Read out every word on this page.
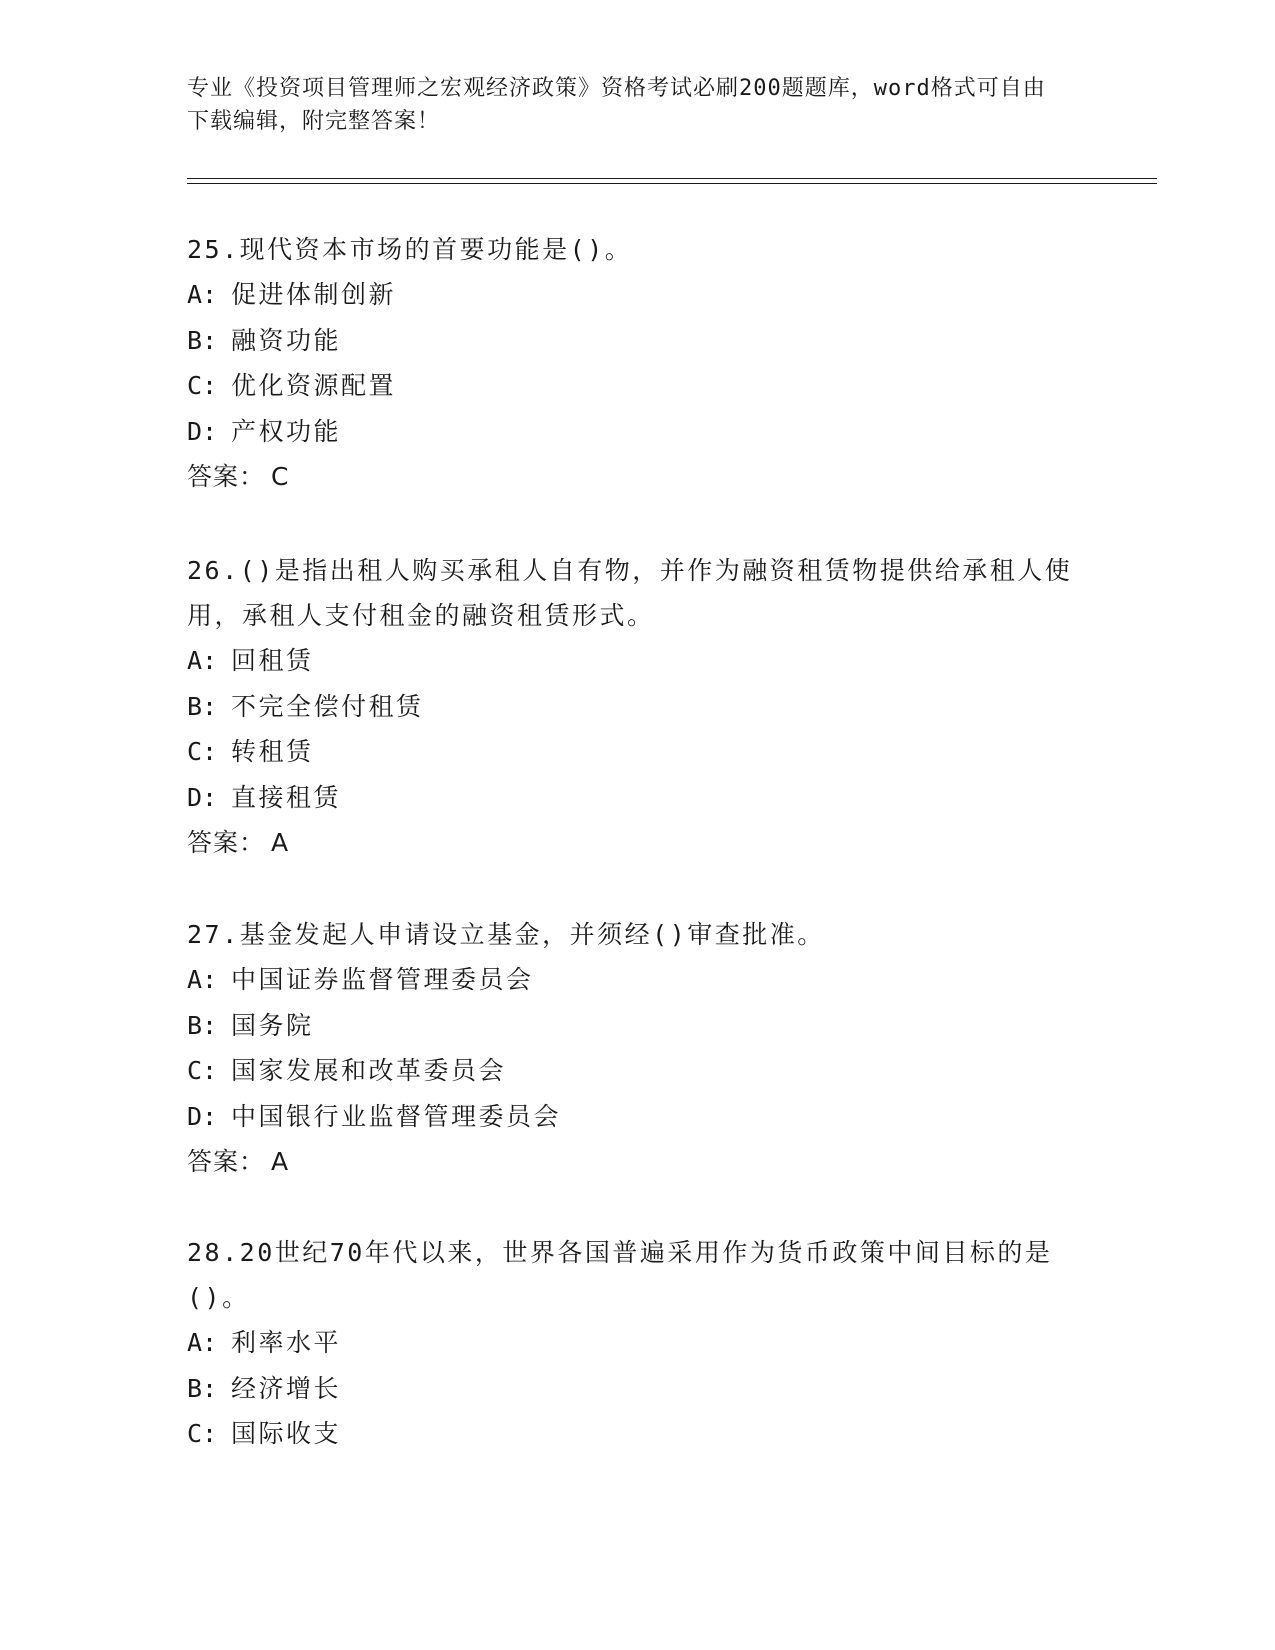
专业《投资项目管理师之宏观经济政策》资格考试必刷200题题库，word格式可自由下载编辑，附完整答案！
25.现代资本市场的首要功能是()。
A: 促进体制创新
B: 融资功能
C: 优化资源配置
D: 产权功能
答案： C
26.()是指出租人购买承租人自有物，并作为融资租赁物提供给承租人使用，承租人支付租金的融资租赁形式。
A: 回租赁
B: 不完全偿付租赁
C: 转租赁
D: 直接租赁
答案： A
27.基金发起人申请设立基金，并须经()审查批准。
A: 中国证券监督管理委员会
B: 国务院
C: 国家发展和改革委员会
D: 中国银行业监督管理委员会
答案： A
28.20世纪70年代以来，世界各国普遍采用作为货币政策中间目标的是()。
A: 利率水平
B: 经济增长
C: 国际收支
